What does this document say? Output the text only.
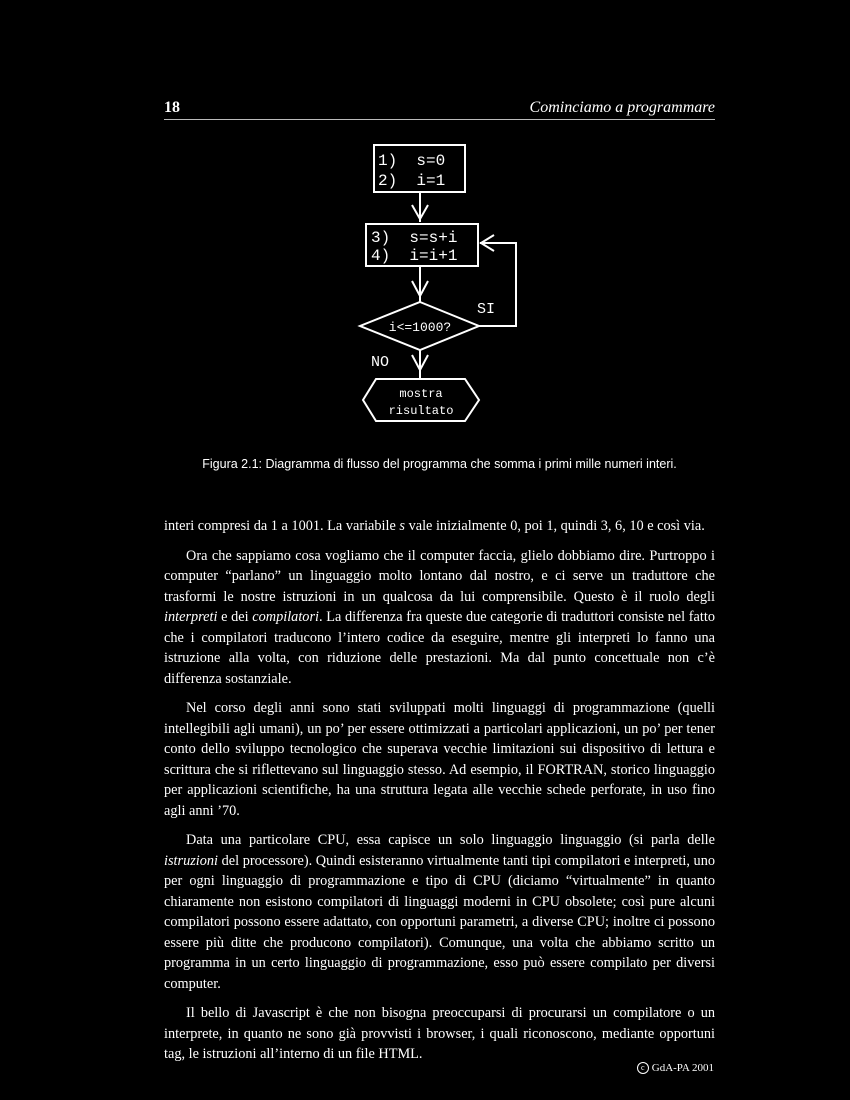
18	Cominciamo a programmare
1)  s=0
2)  i=1
3)  s=s+i
4)  i=i+1
i<=1000?
SI
NO
mostra
risultato
Figura 2.1: Diagramma di flusso del programma che somma i primi mille numeri interi.

interi compresi da 1 a 1001. La variabile s vale inizialmente 0, poi 1, quindi 3, 6, 10 e così via.

Ora che sappiamo cosa vogliamo che il computer faccia, glielo dobbiamo dire. Purtroppo i computer “parlano” un linguaggio molto lontano dal nostro, e ci serve un traduttore che trasformi le nostre istruzioni in un qualcosa da lui comprensibile. Questo è il ruolo degli interpreti e dei compilatori. La differenza fra queste due categorie di traduttori consiste nel fatto che i compilatori traducono l’intero codice da eseguire, mentre gli interpreti lo fanno una istruzione alla volta, con riduzione delle prestazioni. Ma dal punto concettuale non c’è differenza sostanziale.

Nel corso degli anni sono stati sviluppati molti linguaggi di programmazione (quelli intellegibili agli umani), un po’ per essere ottimizzati a particolari applicazioni, un po’ per tener conto dello sviluppo tecnologico che superava vecchie limitazioni sui dispositivo di lettura e scrittura che si riflettevano sul linguaggio stesso. Ad esempio, il FORTRAN, storico linguaggio per applicazioni scientifiche, ha una struttura legata alle vecchie schede perforate, in uso fino agli anni ’70.

Data una particolare CPU, essa capisce un solo linguaggio linguaggio (si parla delle istruzioni del processore). Quindi esisteranno virtualmente tanti tipi compilatori e interpreti, uno per ogni linguaggio di programmazione e tipo di CPU (diciamo “virtualmente” in quanto chiaramente non esistono compilatori di linguaggi moderni in CPU obsolete; così pure alcuni compilatori possono essere adattato, con opportuni parametri, a diverse CPU; inoltre ci possono essere più ditte che producono compilatori). Comunque, una volta che abbiamo scritto un programma in un certo linguaggio di programmazione, esso può essere compilato per diversi computer.

Il bello di Javascript è che non bisogna preoccuparsi di procurarsi un compilatore o un interprete, in quanto ne sono già provvisti i browser, i quali riconoscono, mediante opportuni tag, le istruzioni all’interno di un file HTML.

c GdA-PA 2001
